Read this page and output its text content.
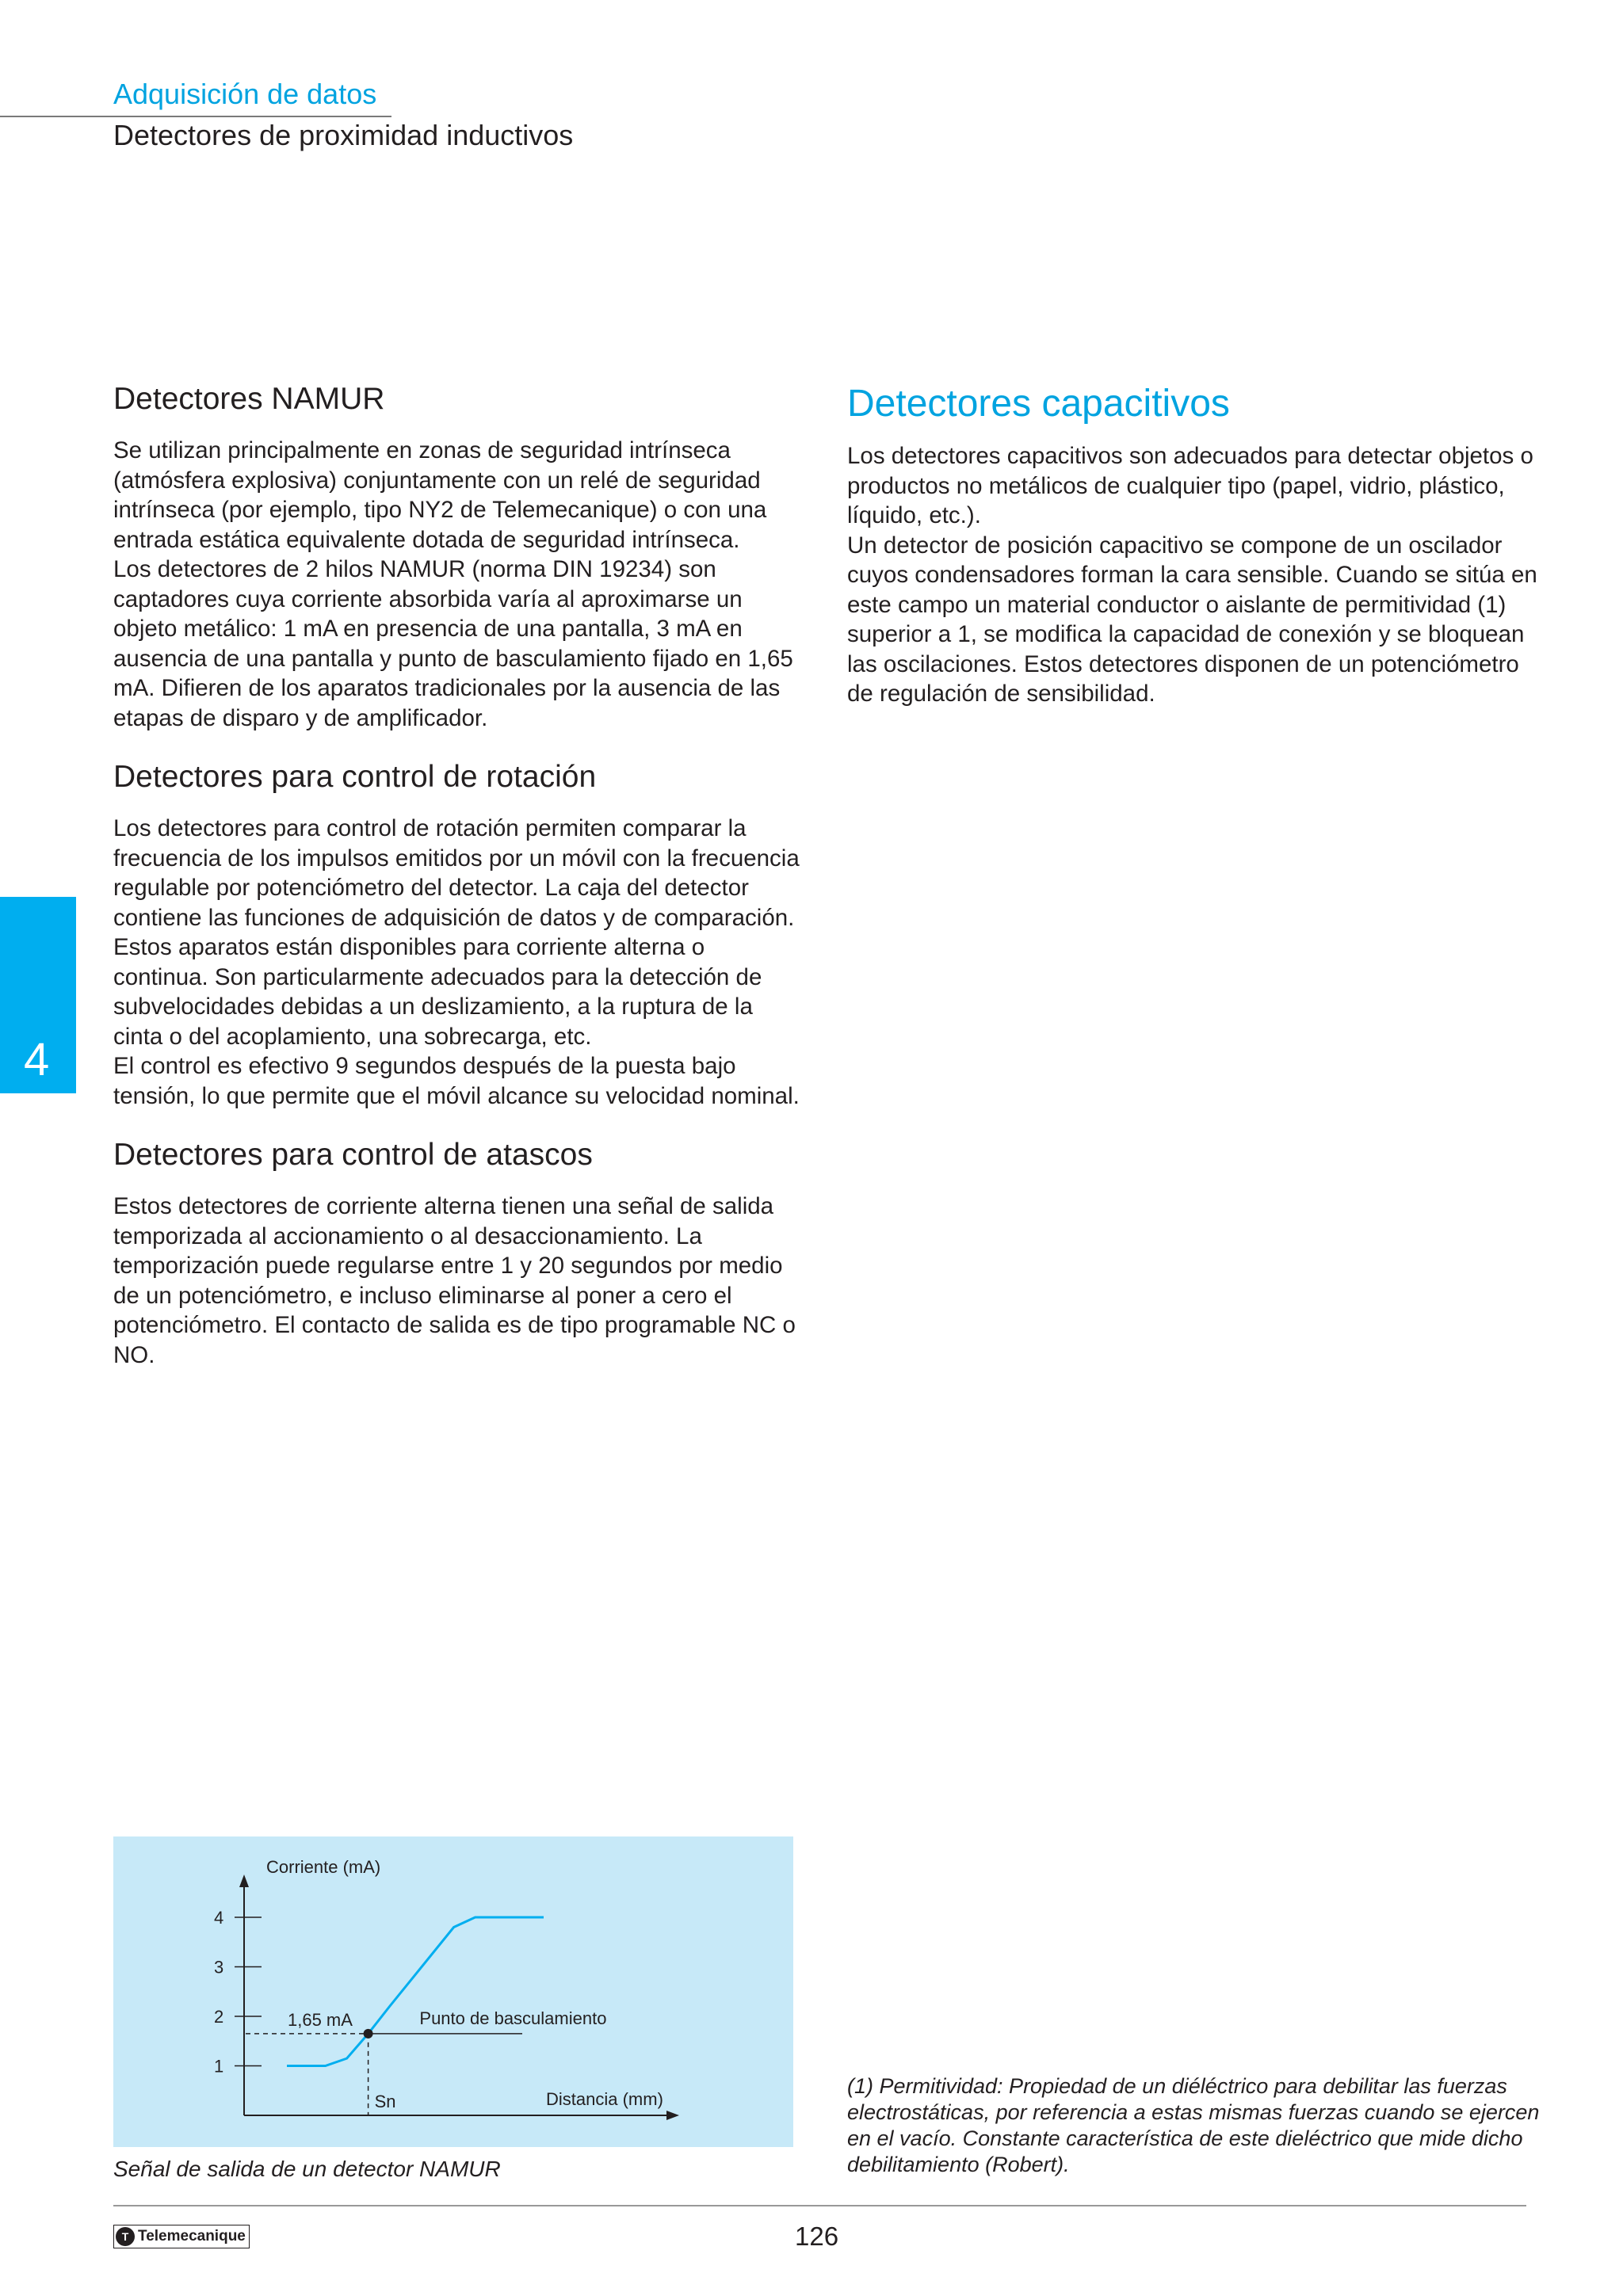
Adquisición de datos
Detectores de proximidad inductivos
4
Detectores NAMUR

Se utilizan principalmente en zonas de seguridad intrínseca (atmósfera explosiva) conjuntamente con un relé de seguridad intrínseca (por ejemplo, tipo NY2 de Telemecanique) o con una entrada estática equivalente dotada de seguridad intrínseca.

Los detectores de 2 hilos NAMUR (norma DIN 19234) son captadores cuya corriente absorbida varía al aproximarse un objeto metálico: 1 mA en presencia de una pantalla, 3 mA en ausencia de una pantalla y punto de basculamiento fijado en 1,65 mA. Difieren de los aparatos tradicionales por la ausencia de las etapas de disparo y de amplificador.

Detectores para control de rotación

Los detectores para control de rotación permiten comparar la frecuencia de los impulsos emitidos por un móvil con la frecuencia regulable por potenciómetro del detector. La caja del detector contiene las funciones de adquisición de datos y de comparación.

Estos aparatos están disponibles para corriente alterna o continua. Son particularmente adecuados para la detección de subvelocidades debidas a un deslizamiento, a la ruptura de la cinta o del acoplamiento, una sobrecarga, etc.

El control es efectivo 9 segundos después de la puesta bajo tensión, lo que permite que el móvil alcance su velocidad nominal.

Detectores para control de atascos

Estos detectores de corriente alterna tienen una señal de salida temporizada al accionamiento o al desaccionamiento. La temporización puede regularse entre 1 y 20 segundos por medio de un potenciómetro, e incluso eliminarse al poner a cero el potenciómetro. El contacto de salida es de tipo programable NC o NO.

Detectores capacitivos

Los detectores capacitivos son adecuados para detectar objetos o productos no metálicos de cualquier tipo (papel, vidrio, plástico, líquido, etc.).

Un detector de posición capacitivo se compone de un oscilador cuyos condensadores forman la cara sensible. Cuando se sitúa en este campo un material conductor o aislante de permitividad (1) superior a 1, se modifica la capacidad de conexión y se bloquean las oscilaciones. Estos detectores disponen de un potenciómetro de regulación de sensibilidad.

Corriente (mA)
Distancia (mm)
1
2
3
4
1,65 mA	Punto de basculamiento
Sn
Señal de salida de un detector NAMUR
(1) Permitividad: Propiedad de un diéléctrico para debilitar las fuerzas electrostáticas, por referencia a estas mismas fuerzas cuando se ejercen en el vacío. Constante característica de este dieléctrico que mide dicho debilitamiento (Robert).
T Telemecanique	126
